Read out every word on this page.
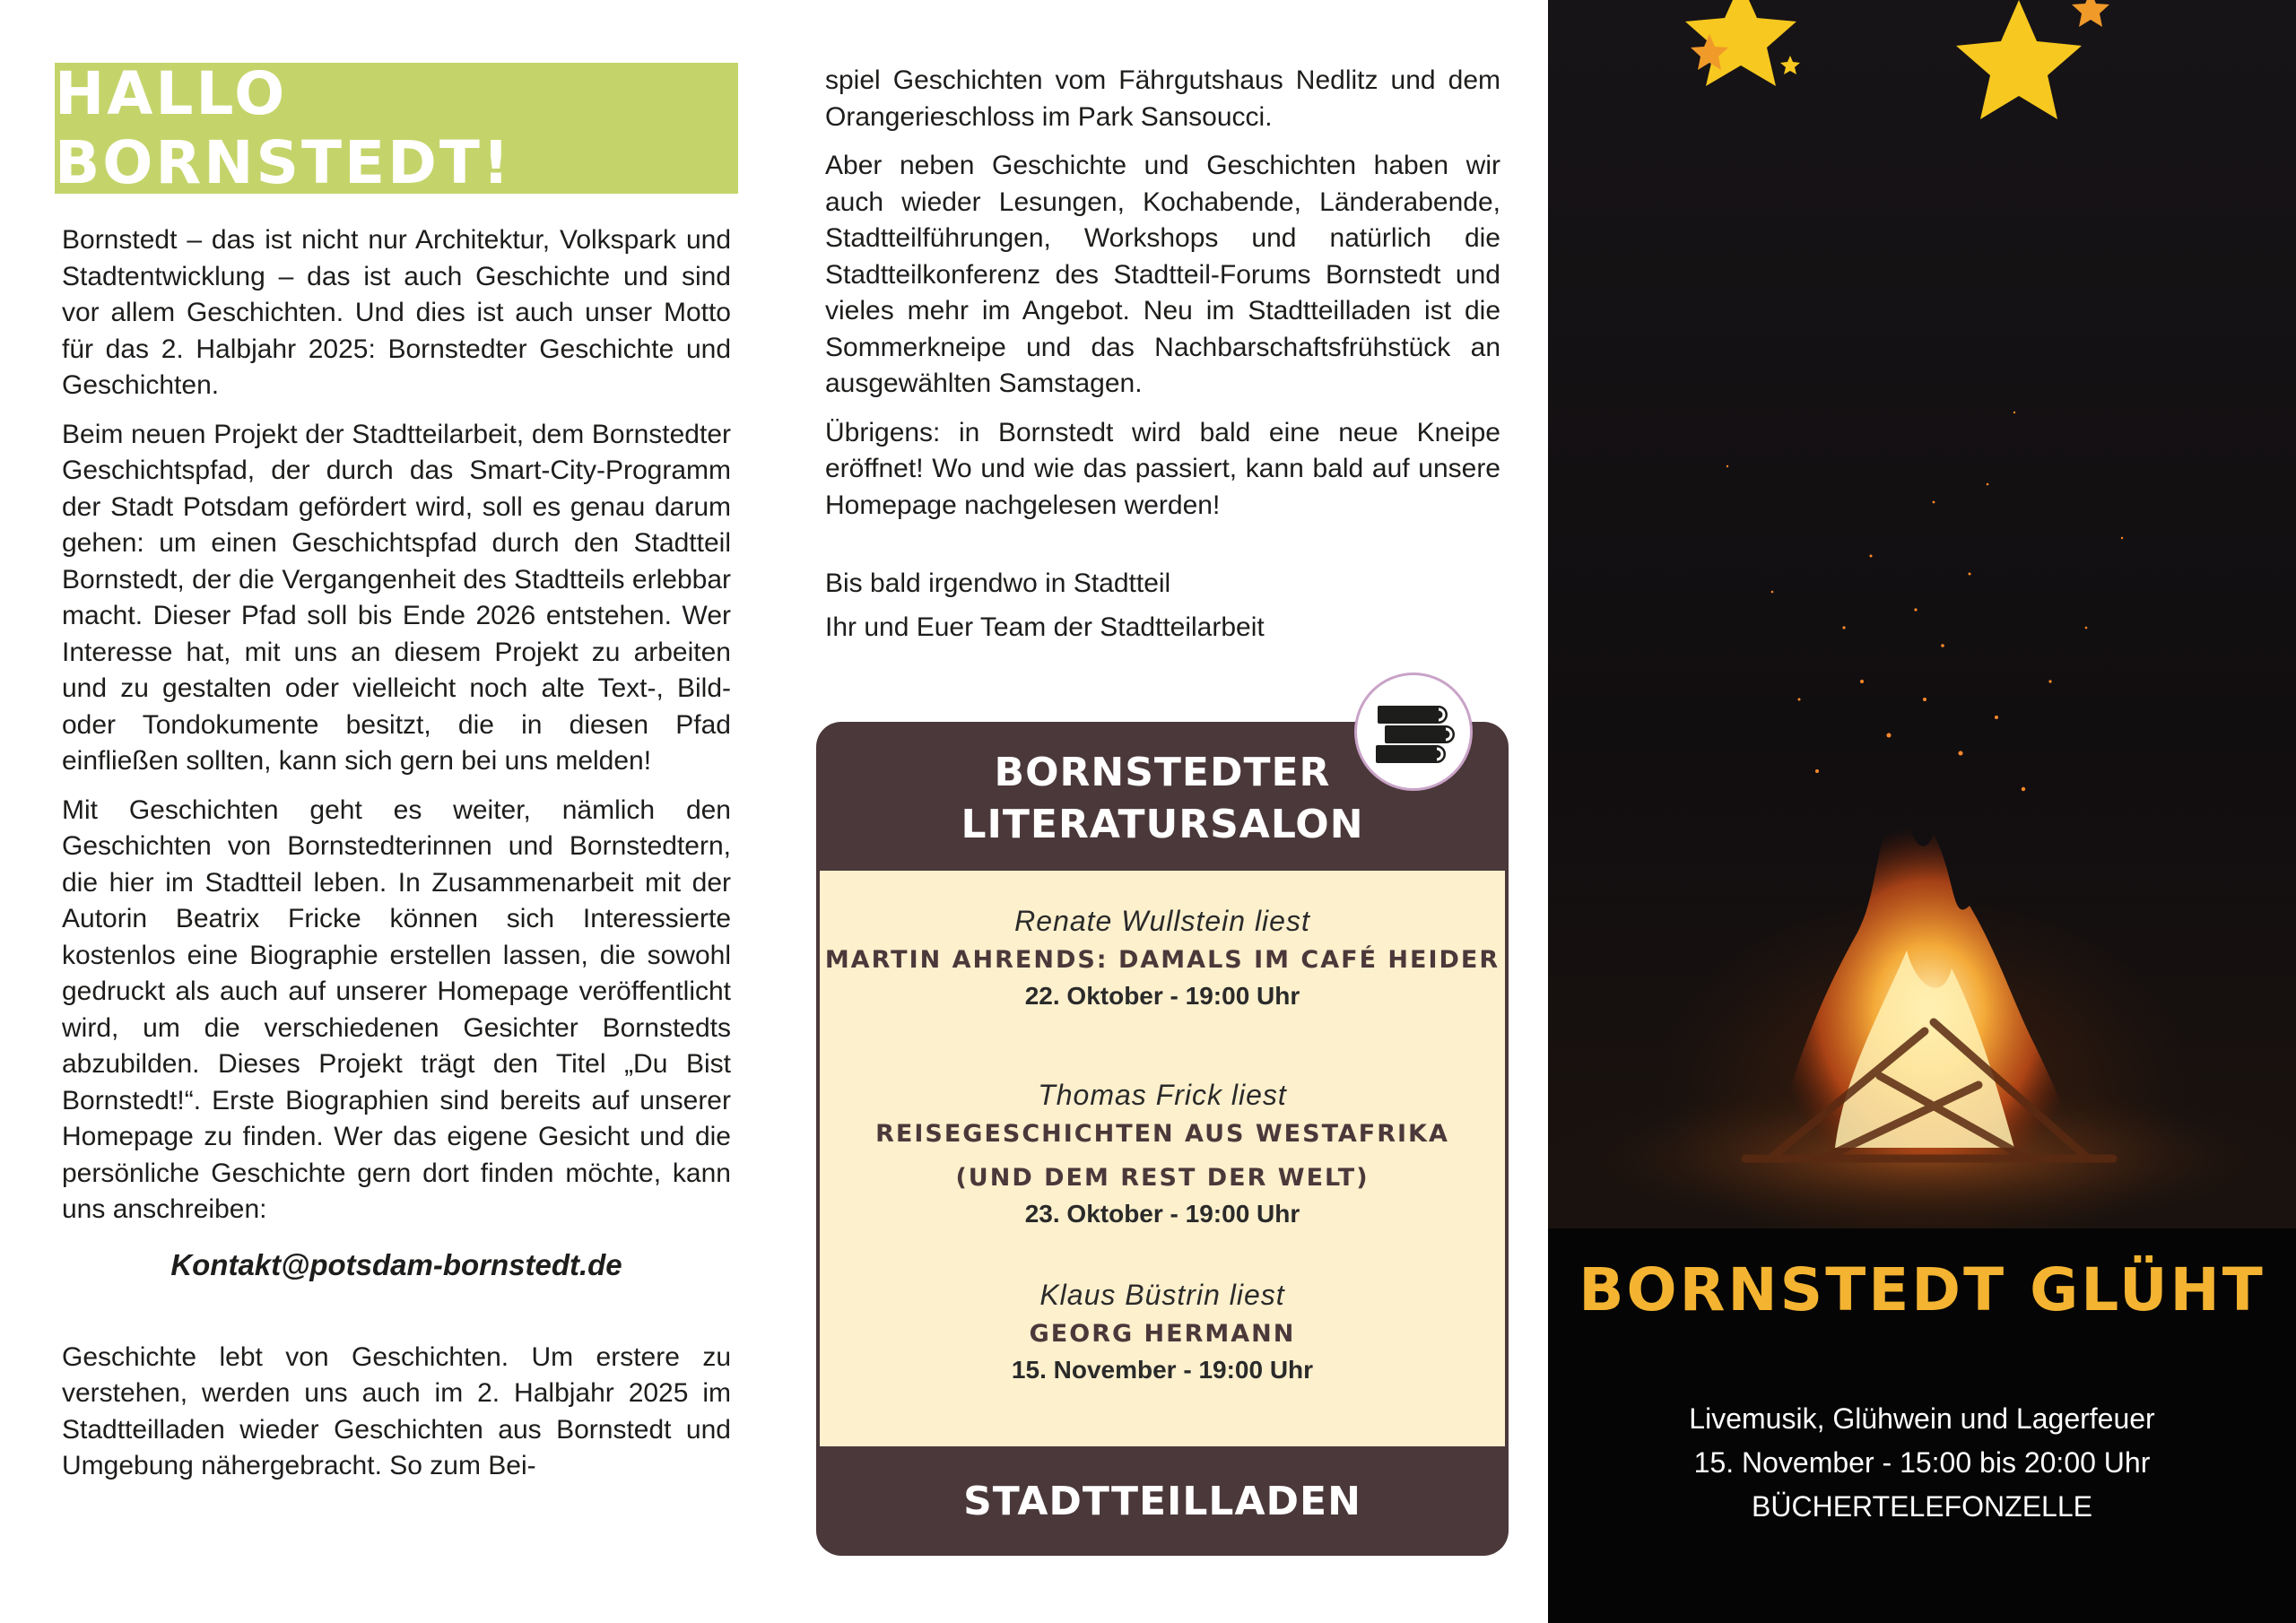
HALLO BORNSTEDT!

Bornstedt – das ist nicht nur Architektur, Volkspark und Stadtentwicklung – das ist auch Geschichte und sind vor allem Geschichten. Und dies ist auch unser Motto für das 2. Halbjahr 2025: Bornstedter Geschichte und Geschichten.

Beim neuen Projekt der Stadtteilarbeit, dem Bornstedter Geschichtspfad, der durch das Smart-City-Programm der Stadt Potsdam gefördert wird, soll es genau darum gehen: um einen Geschichtspfad durch den Stadtteil Bornstedt, der die Vergangenheit des Stadtteils erlebbar macht. Dieser Pfad soll bis Ende 2026 entstehen. Wer Interesse hat, mit uns an diesem Projekt zu arbeiten und zu gestalten oder vielleicht noch alte Text-, Bild- oder Tondokumente besitzt, die in diesen Pfad einfließen sollten, kann sich gern bei uns melden!

Mit Geschichten geht es weiter, nämlich den Geschichten von Bornstedterinnen und Bornstedtern, die hier im Stadtteil leben. In Zusammenarbeit mit der Autorin Beatrix Fricke können sich Interessierte kostenlos eine Biographie erstellen lassen, die sowohl gedruckt als auch auf unserer Homepage veröffentlicht wird, um die verschiedenen Gesichter Bornstedts abzubilden. Dieses Projekt trägt den Titel „Du Bist Bornstedt!“. Erste Biographien sind bereits auf unserer Homepage zu finden. Wer das eigene Gesicht und die persönliche Geschichte gern dort finden möchte, kann uns anschreiben:

Kontakt@potsdam-bornstedt.de

Geschichte lebt von Geschichten. Um erstere zu verstehen, werden uns auch im 2. Halbjahr 2025 im Stadtteilladen wieder Geschichten aus Bornstedt und Umgebung nähergebracht. So zum Bei-

spiel Geschichten vom Fährgutshaus Nedlitz und dem Orangerieschloss im Park Sansoucci.

Aber neben Geschichte und Geschichten haben wir auch wieder Lesungen, Kochabende, Länderabende, Stadtteilführungen, Workshops und natürlich die Stadtteilkonferenz des Stadtteil-Forums Bornstedt und vieles mehr im Angebot. Neu im Stadtteilladen ist die Sommerkneipe und das Nachbarschaftsfrühstück an ausgewählten Samstagen.

Übrigens: in Bornstedt wird bald eine neue Kneipe eröffnet! Wo und wie das passiert, kann bald auf unsere Homepage nachgelesen werden!

Bis bald irgendwo in Stadtteil
Ihr und Euer Team der Stadtteilarbeit
BORNSTEDTER
LITERATURSALON
Renate Wullstein liest
MARTIN AHRENDS: DAMALS IM CAFÉ HEIDER
22. Oktober - 19:00 Uhr
Thomas Frick liest
REISEGESCHICHTEN AUS WESTAFRIKA
(UND DEM REST DER WELT)
23. Oktober - 19:00 Uhr
Klaus Büstrin liest
GEORG HERMANN
15. November - 19:00 Uhr
STADTTEILLADEN
BORNSTEDT GLÜHT
Livemusik, Glühwein und Lagerfeuer
15. November - 15:00 bis 20:00 Uhr
BÜCHERTELEFONZELLE
